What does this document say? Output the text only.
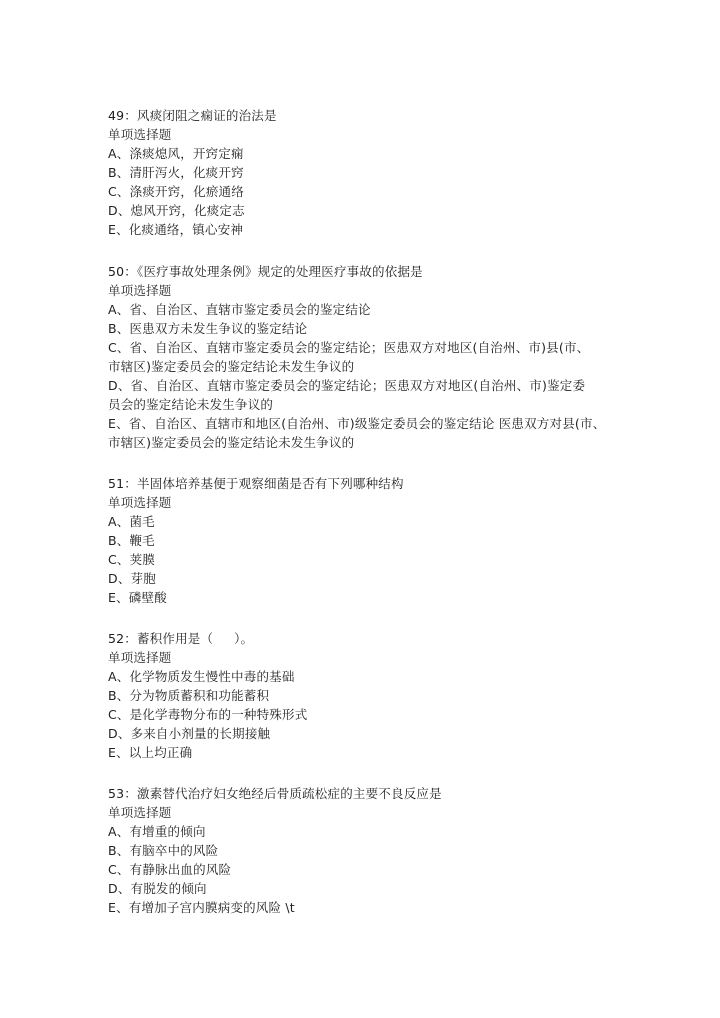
49：风痰闭阻之痫证的治法是
单项选择题
A、涤痰熄风，开窍定痫
B、清肝泻火，化痰开窍
C、涤痰开窍，化瘀通络
D、熄风开窍，化痰定志
E、化痰通络，镇心安神
50：《医疗事故处理条例》规定的处理医疗事故的依据是
单项选择题
A、省、自治区、直辖市鉴定委员会的鉴定结论
B、医患双方未发生争议的鉴定结论
C、省、自治区、直辖市鉴定委员会的鉴定结论；医患双方对地区(自治州、市)县(市、
市辖区)鉴定委员会的鉴定结论未发生争议的
D、省、自治区、直辖市鉴定委员会的鉴定结论；医患双方对地区(自治州、市)鉴定委
员会的鉴定结论未发生争议的
E、省、自治区、直辖市和地区(自治州、市)级鉴定委员会的鉴定结论 医患双方对县(市、
市辖区)鉴定委员会的鉴定结论未发生争议的
51：半固体培养基便于观察细菌是否有下列哪种结构
单项选择题
A、菌毛
B、鞭毛
C、荚膜
D、芽胞
E、磷壁酸
52：蓄积作用是（     ）。
单项选择题
A、化学物质发生慢性中毒的基础
B、分为物质蓄积和功能蓄积
C、是化学毒物分布的一种特殊形式
D、多来自小剂量的长期接触
E、以上均正确
53：激素替代治疗妇女绝经后骨质疏松症的主要不良反应是
单项选择题
A、有增重的倾向
B、有脑卒中的风险
C、有静脉出血的风险
D、有脱发的倾向
E、有增加子宫内膜病变的风险 \t
